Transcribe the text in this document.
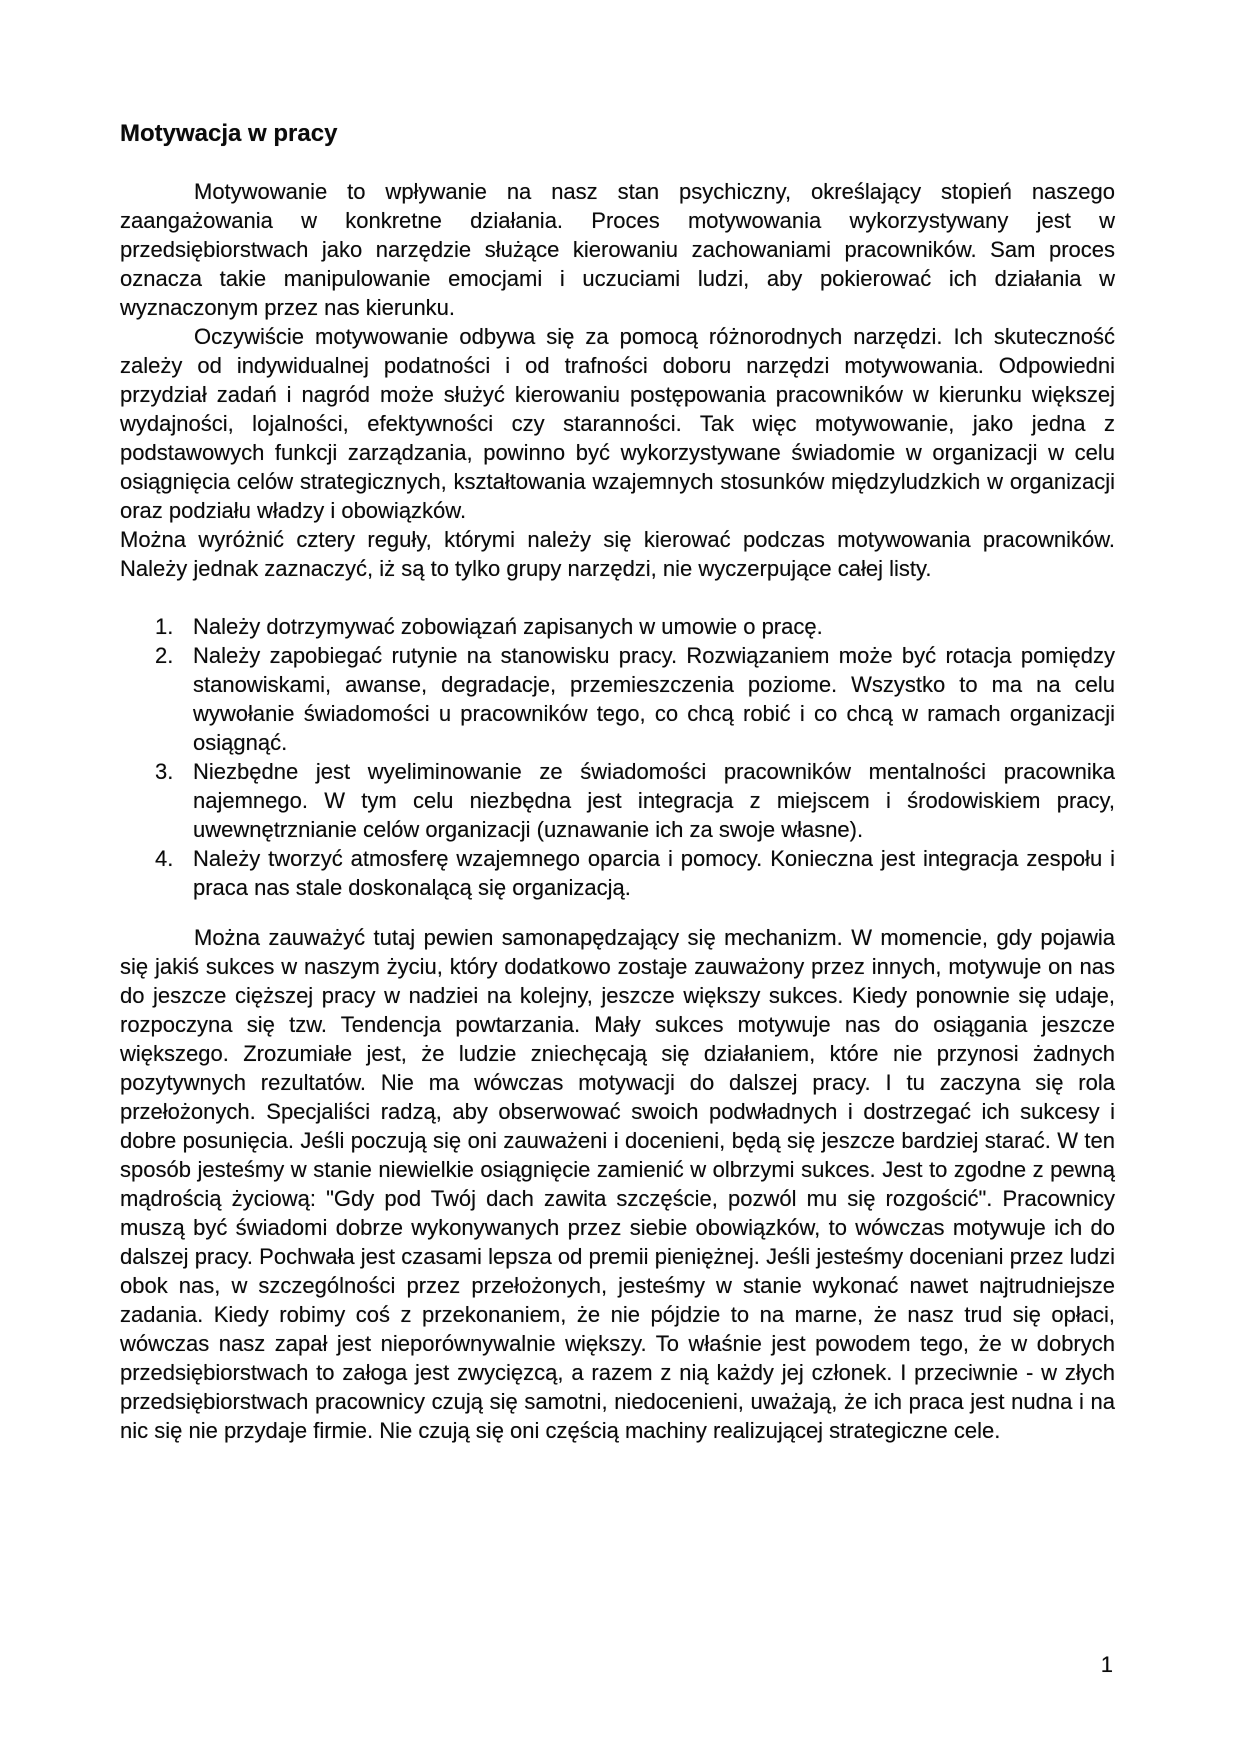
Motywacja w pracy

Motywowanie to wpływanie na nasz stan psychiczny, określający stopień naszego zaangażowania w konkretne działania. Proces motywowania wykorzystywany jest w przedsiębiorstwach jako narzędzie służące kierowaniu zachowaniami pracowników. Sam proces oznacza takie manipulowanie emocjami i uczuciami ludzi, aby pokierować ich działania w wyznaczonym przez nas kierunku.

Oczywiście motywowanie odbywa się za pomocą różnorodnych narzędzi. Ich skuteczność zależy od indywidualnej podatności i od trafności doboru narzędzi motywowania. Odpowiedni przydział zadań i nagród może służyć kierowaniu postępowania pracowników w kierunku większej wydajności, lojalności, efektywności czy staranności. Tak więc motywowanie, jako jedna z podstawowych funkcji zarządzania, powinno być wykorzystywane świadomie w organizacji w celu osiągnięcia celów strategicznych, kształtowania wzajemnych stosunków międzyludzkich w organizacji oraz podziału władzy i obowiązków.

Można wyróżnić cztery reguły, którymi należy się kierować podczas motywowania pracowników. Należy jednak zaznaczyć, iż są to tylko grupy narzędzi, nie wyczerpujące całej listy.

1. Należy dotrzymywać zobowiązań zapisanych w umowie o pracę.
2. Należy zapobiegać rutynie na stanowisku pracy. Rozwiązaniem może być rotacja pomiędzy stanowiskami, awanse, degradacje, przemieszczenia poziome. Wszystko to ma na celu wywołanie świadomości u pracowników tego, co chcą robić i co chcą w ramach organizacji osiągnąć.
3. Niezbędne jest wyeliminowanie ze świadomości pracowników mentalności pracownika najemnego. W tym celu niezbędna jest integracja z miejscem i środowiskiem pracy, uwewnętrznianie celów organizacji (uznawanie ich za swoje własne).
4. Należy tworzyć atmosferę wzajemnego oparcia i pomocy. Konieczna jest integracja zespołu i praca nas stale doskonalącą się organizacją.

Można zauważyć tutaj pewien samonapędzający się mechanizm. W momencie, gdy pojawia się jakiś sukces w naszym życiu, który dodatkowo zostaje zauważony przez innych, motywuje on nas do jeszcze cięższej pracy w nadziei na kolejny, jeszcze większy sukces. Kiedy ponownie się udaje, rozpoczyna się tzw. Tendencja powtarzania. Mały sukces motywuje nas do osiągania jeszcze większego. Zrozumiałe jest, że ludzie zniechęcają się działaniem, które nie przynosi żadnych pozytywnych rezultatów. Nie ma wówczas motywacji do dalszej pracy. I tu zaczyna się rola przełożonych. Specjaliści radzą, aby obserwować swoich podwładnych i dostrzegać ich sukcesy i dobre posunięcia. Jeśli poczują się oni zauważeni i docenieni, będą się jeszcze bardziej starać. W ten sposób jesteśmy w stanie niewielkie osiągnięcie zamienić w olbrzymi sukces. Jest to zgodne z pewną mądrością życiową: "Gdy pod Twój dach zawita szczęście, pozwól mu się rozgościć". Pracownicy muszą być świadomi dobrze wykonywanych przez siebie obowiązków, to wówczas motywuje ich do dalszej pracy. Pochwała jest czasami lepsza od premii pieniężnej. Jeśli jesteśmy doceniani przez ludzi obok nas, w szczególności przez przełożonych, jesteśmy w stanie wykonać nawet najtrudniejsze zadania. Kiedy robimy coś z przekonaniem, że nie pójdzie to na marne, że nasz trud się opłaci, wówczas nasz zapał jest nieporównywalnie większy. To właśnie jest powodem tego, że w dobrych przedsiębiorstwach to załoga jest zwycięzcą, a razem z nią każdy jej członek. I przeciwnie - w złych przedsiębiorstwach pracownicy czują się samotni, niedocenieni, uważają, że ich praca jest nudna i na nic się nie przydaje firmie. Nie czują się oni częścią machiny realizującej strategiczne cele.

1
